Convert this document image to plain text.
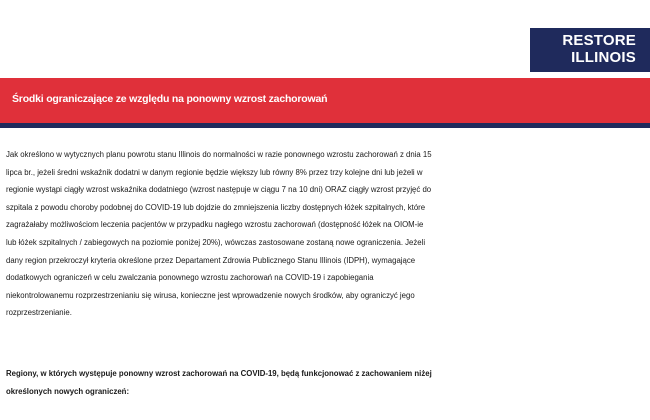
RESTORE
ILLINOIS
Środki ograniczające ze względu na ponowny wzrost zachorowań

Jak określono w wytycznych planu powrotu stanu Illinois do normalności w razie ponownego wzrostu zachorowań z dnia 15
lipca br., jeżeli średni wskaźnik dodatni w danym regionie będzie większy lub równy 8% przez trzy kolejne dni lub jeżeli w
regionie wystąpi ciągły wzrost wskaźnika dodatniego (wzrost następuje w ciągu 7 na 10 dni) ORAZ ciągły wzrost przyjęć do
szpitala z powodu choroby podobnej do COVID-19 lub dojdzie do zmniejszenia liczby dostępnych łóżek szpitalnych, które
zagrażałaby możliwościom leczenia pacjentów w przypadku nagłego wzrostu zachorowań (dostępność łóżek na OIOM-ie
lub łóżek szpitalnych / zabiegowych na poziomie poniżej 20%), wówczas zastosowane zostaną nowe ograniczenia. Jeżeli
dany region przekroczył kryteria określone przez Departament Zdrowia Publicznego Stanu Illinois (IDPH), wymagające
dodatkowych ograniczeń w celu zwalczania ponownego wzrostu zachorowań na COVID-19 i zapobiegania
niekontrolowanemu rozprzestrzenianiu się wirusa, konieczne jest wprowadzenie nowych środków, aby ograniczyć jego
rozprzestrzenianie.

Regiony, w których występuje ponowny wzrost zachorowań na COVID-19, będą funkcjonować z zachowaniem niżej
określonych nowych ograniczeń:
